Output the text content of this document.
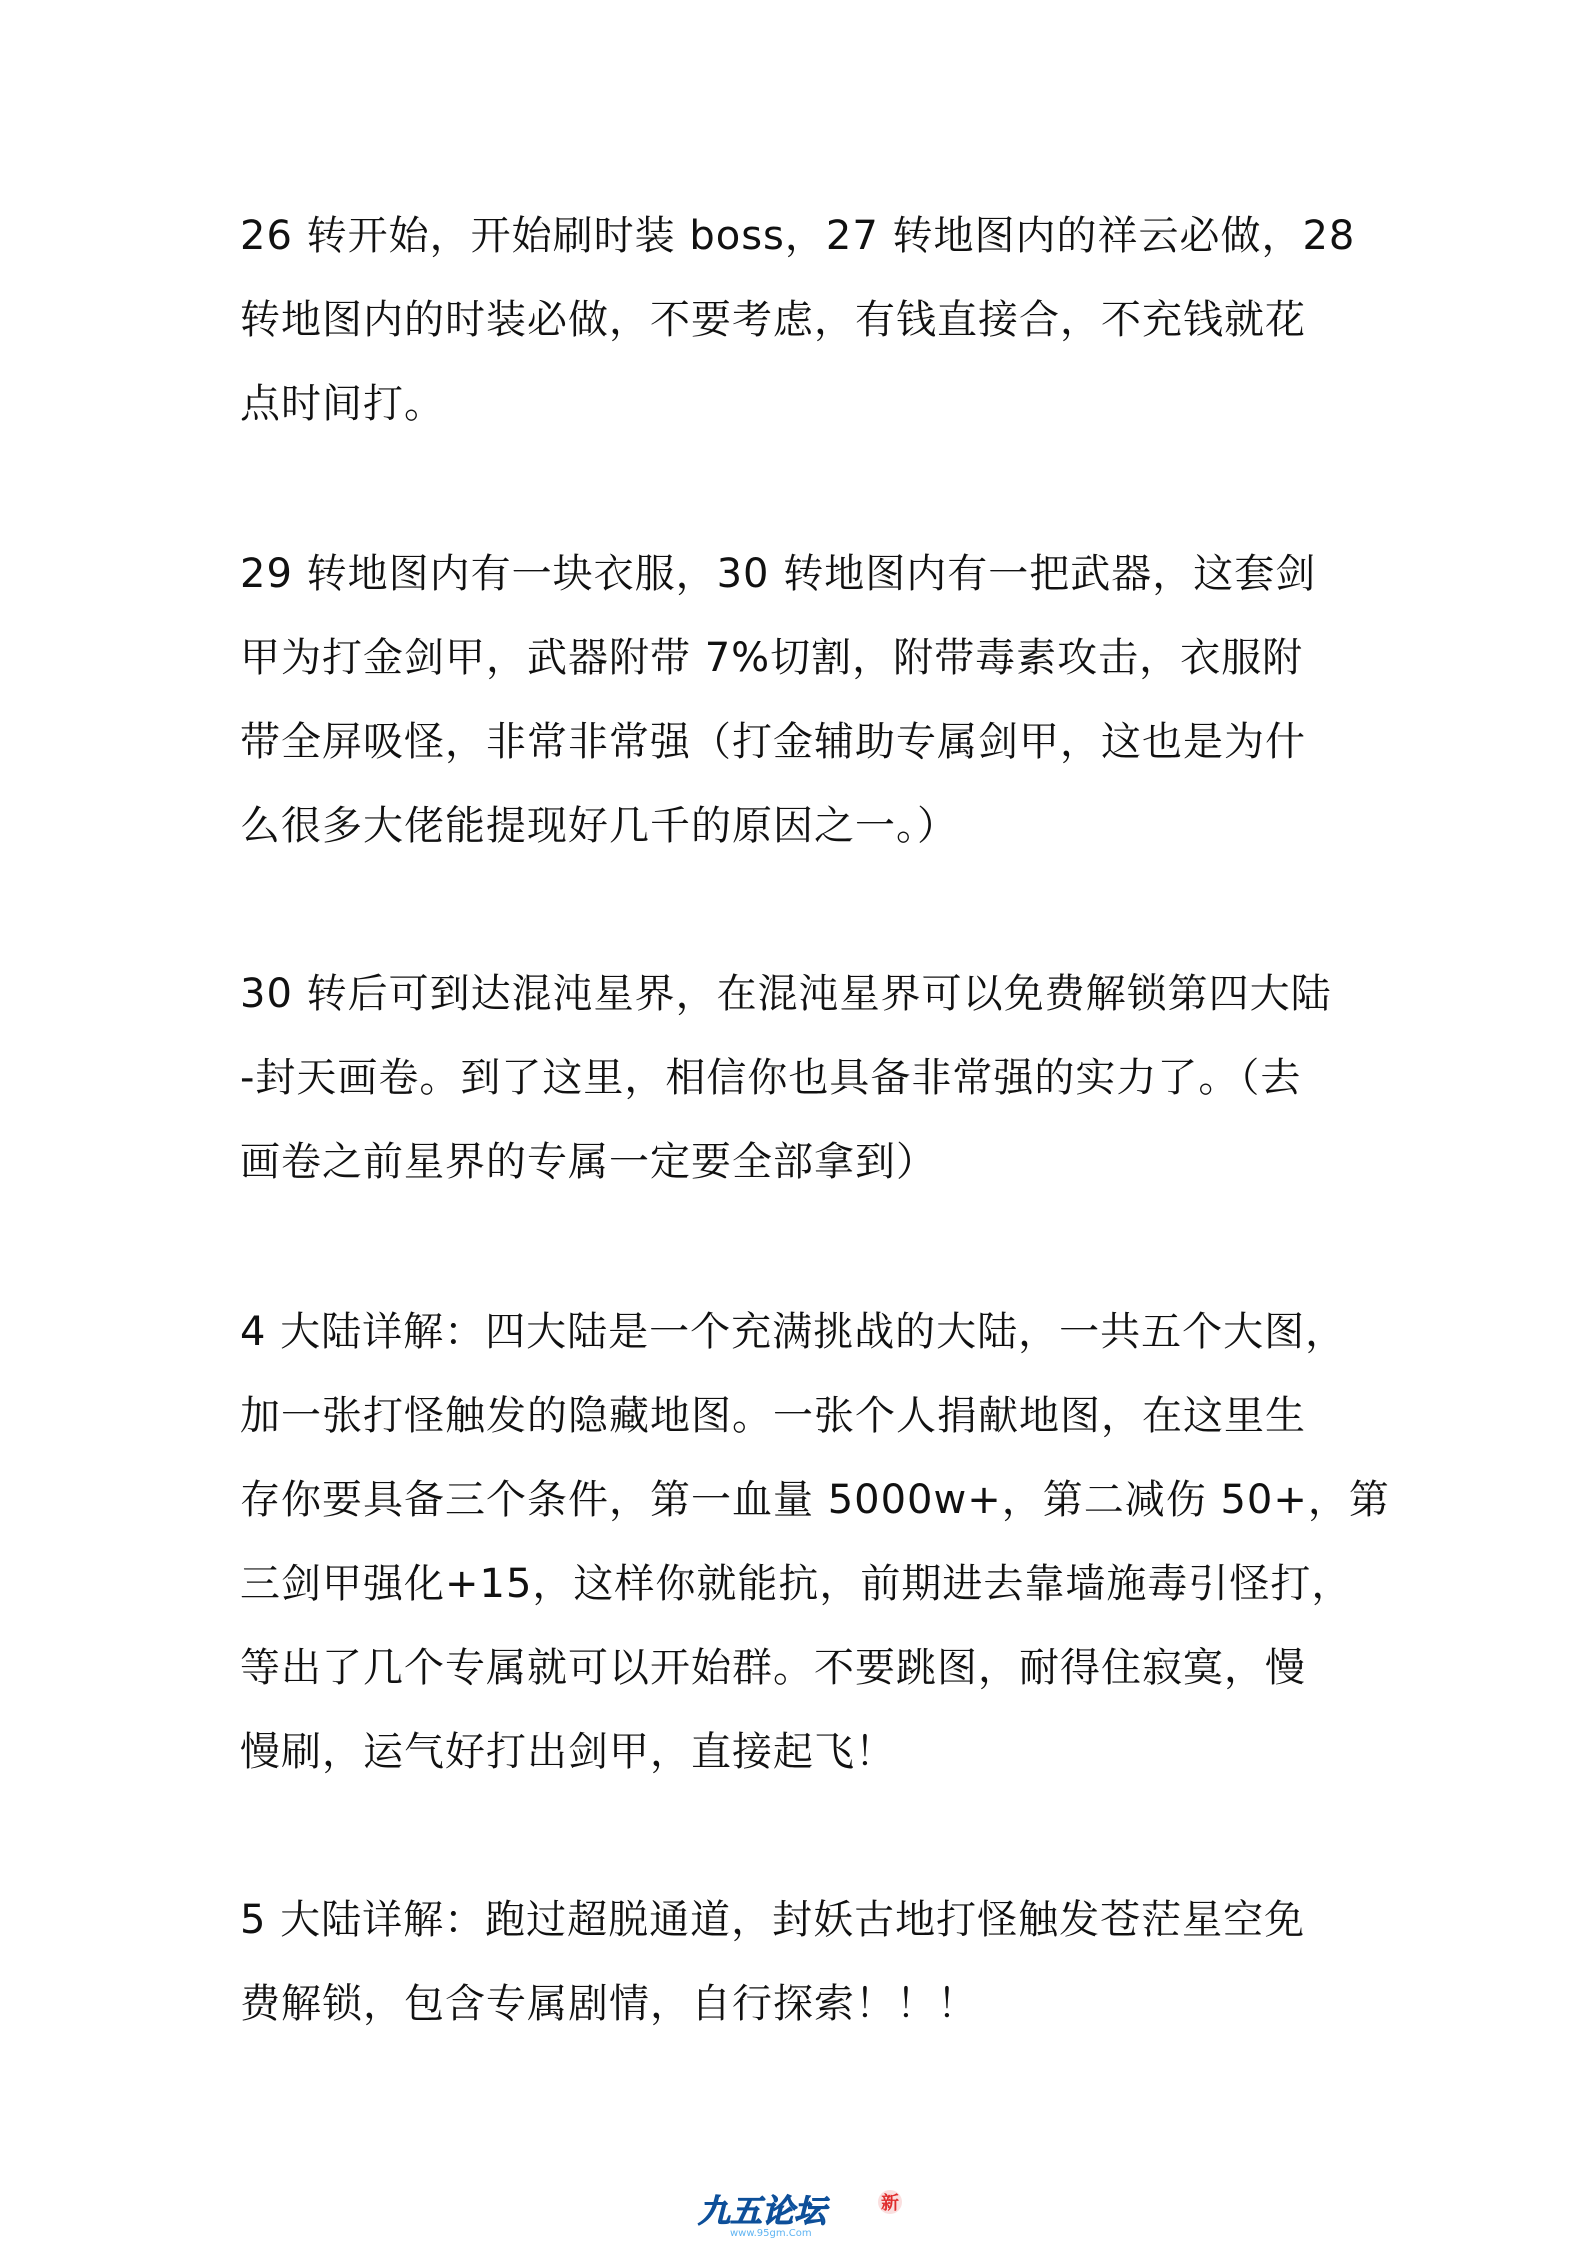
26 转开始，开始刷时装 boss，27 转地图内的祥云必做，28
转地图内的时装必做，不要考虑，有钱直接合，不充钱就花
点时间打。

29 转地图内有一块衣服，30 转地图内有一把武器，这套剑
甲为打金剑甲，武器附带 7%切割，附带毒素攻击，衣服附
带全屏吸怪，非常非常强（打金辅助专属剑甲，这也是为什
么很多大佬能提现好几千的原因之一。）

30 转后可到达混沌星界，在混沌星界可以免费解锁第四大陆
-封天画卷。到了这里，相信你也具备非常强的实力了。（去
画卷之前星界的专属一定要全部拿到）

4 大陆详解：四大陆是一个充满挑战的大陆，一共五个大图，
加一张打怪触发的隐藏地图。一张个人捐献地图，在这里生
存你要具备三个条件，第一血量 5000w+，第二减伤 50+，第
三剑甲强化+15，这样你就能抗，前期进去靠墙施毒引怪打，
等出了几个专属就可以开始群。不要跳图，耐得住寂寞，慢
慢刷，运气好打出剑甲，直接起飞！

5 大陆详解：跑过超脱通道，封妖古地打怪触发苍茫星空免
费解锁，包含专属剧情，自行探索！！！

九五论坛
www.95gm.Com
新
